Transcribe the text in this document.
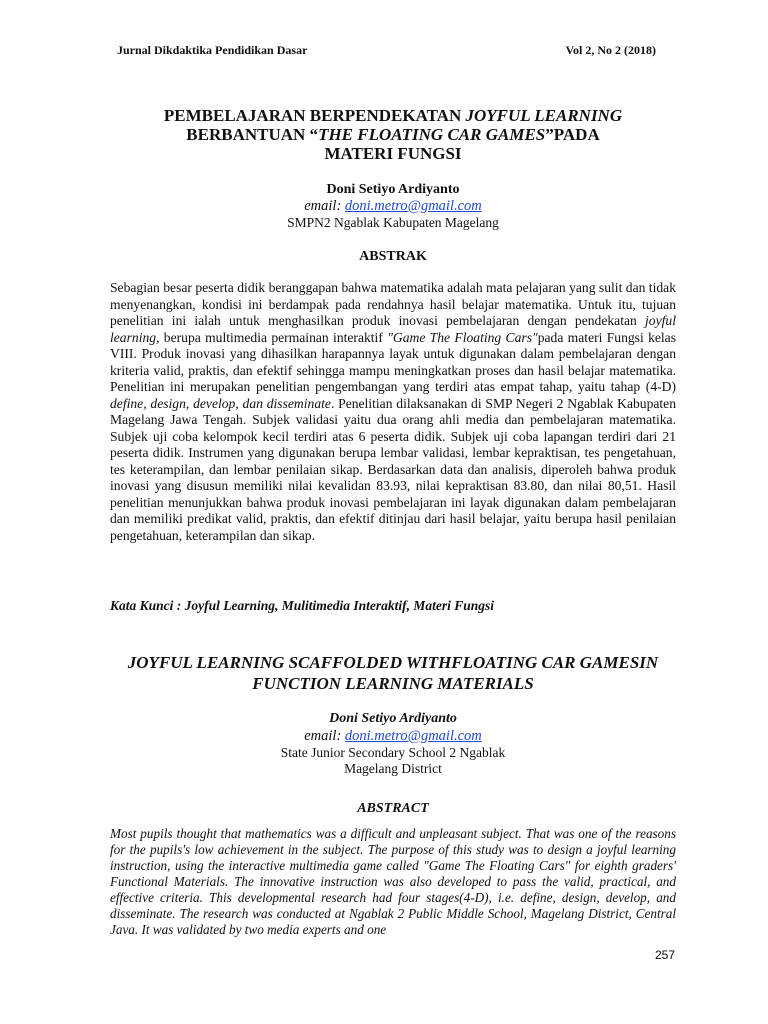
Jurnal Dikdaktika Pendidikan Dasar	Vol 2, No 2 (2018)
PEMBELAJARAN BERPENDEKATAN JOYFUL LEARNING
BERBANTUAN “THE FLOATING CAR GAMES”PADA
MATERI FUNGSI
Doni Setiyo Ardiyanto
email: doni.metro@gmail.com
SMPN2 Ngablak Kabupaten Magelang
ABSTRAK
Sebagian besar peserta didik beranggapan bahwa matematika adalah mata pelajaran yang sulit dan tidak menyenangkan, kondisi ini berdampak pada rendahnya hasil belajar matematika. Untuk itu, tujuan penelitian ini ialah untuk menghasilkan produk inovasi pembelajaran dengan pendekatan joyful learning, berupa multimedia permainan interaktif "Game The Floating Cars"pada materi Fungsi kelas VIII. Produk inovasi yang dihasilkan harapannya layak untuk digunakan dalam pembelajaran dengan kriteria valid, praktis, dan efektif sehingga mampu meningkatkan proses dan hasil belajar matematika. Penelitian ini merupakan penelitian pengembangan yang terdiri atas empat tahap, yaitu tahap (4-D) define, design, develop, dan disseminate. Penelitian dilaksanakan di SMP Negeri 2 Ngablak Kabupaten Magelang Jawa Tengah. Subjek validasi yaitu dua orang ahli media dan pembelajaran matematika. Subjek uji coba kelompok kecil terdiri atas 6 peserta didik. Subjek uji coba lapangan terdiri dari 21 peserta didik. Instrumen yang digunakan berupa lembar validasi, lembar kepraktisan, tes pengetahuan, tes keterampilan, dan lembar penilaian sikap. Berdasarkan data dan analisis, diperoleh bahwa produk inovasi yang disusun memiliki nilai kevalidan 83.93, nilai kepraktisan 83.80, dan nilai 80,51. Hasil penelitian menunjukkan bahwa produk inovasi pembelajaran ini layak digunakan dalam pembelajaran dan memiliki predikat valid, praktis, dan efektif ditinjau dari hasil belajar, yaitu berupa hasil penilaian pengetahuan, keterampilan dan sikap.
Kata Kunci : Joyful Learning, Mulitimedia Interaktif, Materi Fungsi
JOYFUL LEARNING SCAFFOLDED WITHFLOATING CAR GAMESIN
FUNCTION LEARNING MATERIALS
Doni Setiyo Ardiyanto
email: doni.metro@gmail.com
State Junior Secondary School 2 Ngablak
Magelang District
ABSTRACT
Most pupils thought that mathematics was a difficult and unpleasant subject. That was one of the reasons for the pupils's low achievement in the subject. The purpose of this study was to design a joyful learning instruction, using the interactive multimedia game called "Game The Floating Cars" for eighth graders' Functional Materials. The innovative instruction was also developed to pass the valid, practical, and effective criteria. This developmental research had four stages(4-D), i.e. define, design, develop, and disseminate. The research was conducted at Ngablak 2 Public Middle School, Magelang District, Central Java. It was validated by two media experts and one
257
